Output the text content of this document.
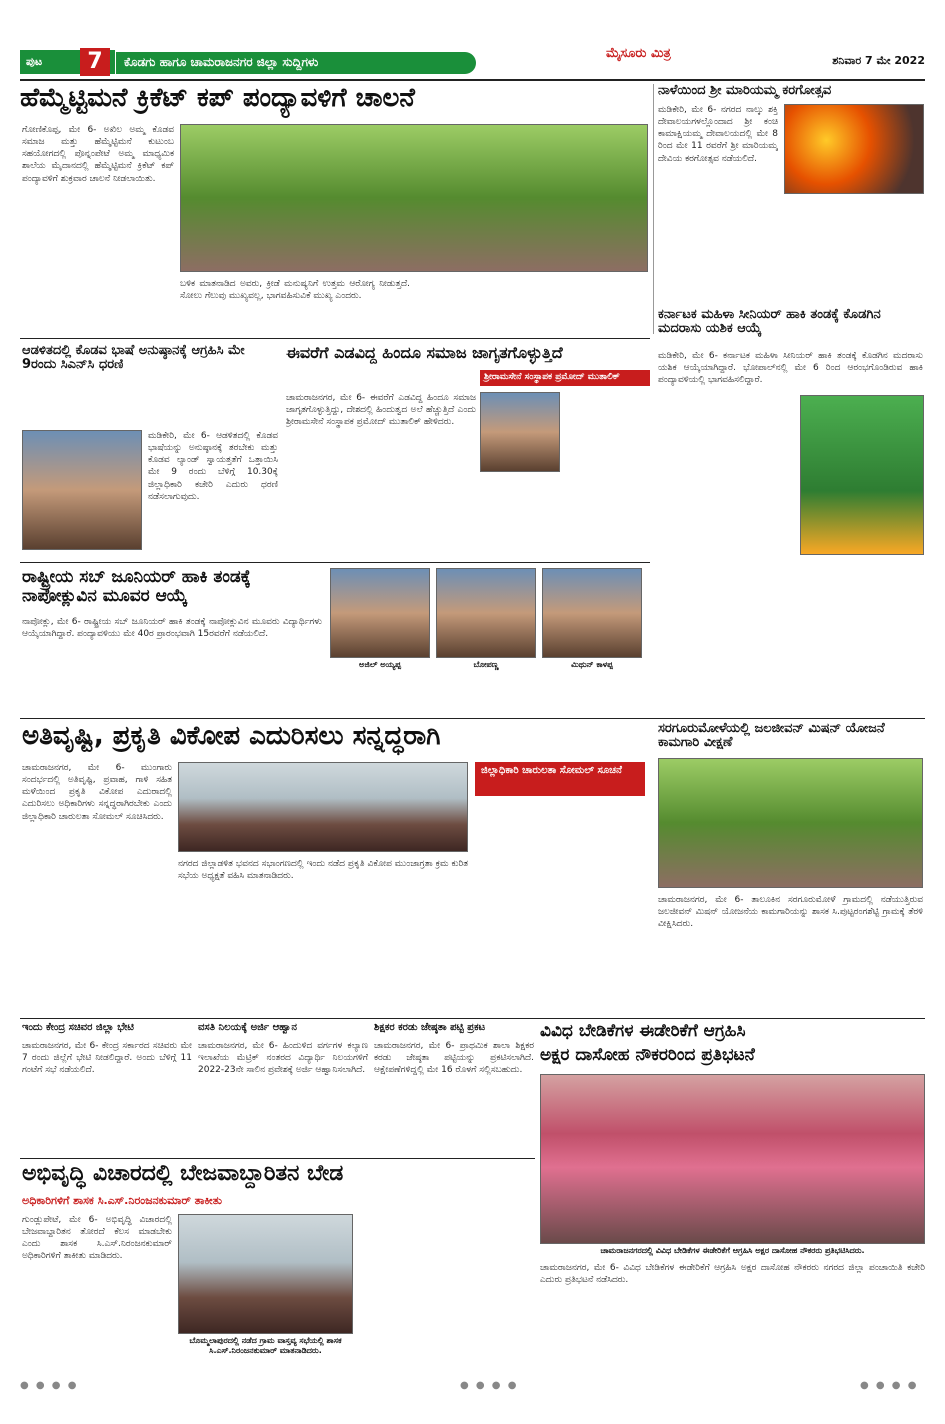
ಪುಟ	7	ಕೊಡಗು ಹಾಗೂ ಚಾಮರಾಜನಗರ ಜಿಲ್ಲಾ ಸುದ್ದಿಗಳು
ಮೈಸೂರು ಮಿತ್ರ	ಶನಿವಾರ 7 ಮೇ 2022
ಹೆಮ್ಮೆಟ್ಟಿಮನೆ ಕ್ರಿಕೆಟ್ ಕಪ್ ಪಂದ್ಯಾವಳಿಗೆ ಚಾಲನೆ
ಗೋಣಿಕೊಪ್ಪ, ಮೇ 6- ಅಖಿಲ ಅಮ್ಮ ಕೊಡವ ಸಮಾಜ ಮತ್ತು ಹೆಮ್ಮೆಟ್ಟಿಮನೆ ಕುಟುಂಬ ಸಹಯೋಗದಲ್ಲಿ ಪೊನ್ನಂಪೇಟೆ ಅಮ್ಮ ಮಾಧ್ಯಮಿಕ ಶಾಲೆಯ ಮೈದಾನದಲ್ಲಿ ಹೆಮ್ಮೆಟ್ಟಿಮನೆ ಕ್ರಿಕೆಟ್ ಕಪ್ ಪಂದ್ಯಾವಳಿಗೆ ಶುಕ್ರವಾರ ಚಾಲನೆ ನೀಡಲಾಯಿತು.
ಬಳಿಕ ಮಾತನಾಡಿದ ಅವರು, ಕ್ರೀಡೆ ಮನುಷ್ಯನಿಗೆ ಉತ್ತಮ ಆರೋಗ್ಯ ನೀಡುತ್ತದೆ. ಸೋಲು ಗೆಲುವು ಮುಖ್ಯವಲ್ಲ, ಭಾಗವಹಿಸುವಿಕೆ ಮುಖ್ಯ ಎಂದರು.
ನಾಳೆಯಿಂದ ಶ್ರೀ ಮಾರಿಯಮ್ಮ ಕರಗೋತ್ಸವ
ಮಡಿಕೇರಿ, ಮೇ 6- ನಗರದ ನಾಲ್ಕು ಶಕ್ತಿ ದೇವಾಲಯಗಳಲ್ಲೊಂದಾದ ಶ್ರೀ ಕಂಚಿ ಕಾಮಾಕ್ಷಿಯಮ್ಮ ದೇವಾಲಯದಲ್ಲಿ ಮೇ 8 ರಿಂದ ಮೇ 11 ರವರೆಗೆ ಶ್ರೀ ಮಾರಿಯಮ್ಮ ದೇವಿಯ ಕರಗೋತ್ಸವ ನಡೆಯಲಿದೆ.
ಕರ್ನಾಟಕ ಮಹಿಳಾ ಸೀನಿಯರ್ ಹಾಕಿ ತಂಡಕ್ಕೆ ಕೊಡಗಿನ ಮದರಾಸು ಯಶಿಕ ಆಯ್ಕೆ
ಮಡಿಕೇರಿ, ಮೇ 6- ಕರ್ನಾಟಕ ಮಹಿಳಾ ಸೀನಿಯರ್ ಹಾಕಿ ತಂಡಕ್ಕೆ ಕೊಡಗಿನ ಮದರಾಸು ಯಶಿಕ ಆಯ್ಕೆಯಾಗಿದ್ದಾರೆ. ಭೋಪಾಲ್‌ನಲ್ಲಿ ಮೇ 6 ರಿಂದ ಆರಂಭಗೊಂಡಿರುವ ಹಾಕಿ ಪಂದ್ಯಾವಳಿಯಲ್ಲಿ ಭಾಗವಹಿಸಲಿದ್ದಾರೆ.
ಆಡಳಿತದಲ್ಲಿ ಕೊಡವ ಭಾಷೆ ಅನುಷ್ಠಾನಕ್ಕೆ ಆಗ್ರಹಿಸಿ ಮೇ 9ರಂದು ಸಿಎನ್‌ಸಿ ಧರಣಿ
ಮಡಿಕೇರಿ, ಮೇ 6- ಆಡಳಿತದಲ್ಲಿ ಕೊಡವ ಭಾಷೆಯನ್ನು ಅನುಷ್ಠಾನಕ್ಕೆ ತರಬೇಕು ಮತ್ತು ಕೊಡವ ಲ್ಯಾಂಡ್ ಸ್ವಾಯತ್ತತೆಗೆ ಒತ್ತಾಯಿಸಿ ಮೇ 9 ರಂದು ಬೆಳಿಗ್ಗೆ 10.30ಕ್ಕೆ ಜಿಲ್ಲಾಧಿಕಾರಿ ಕಚೇರಿ ಎದುರು ಧರಣಿ ನಡೆಸಲಾಗುವುದು.
ಈವರೆಗೆ ಎಡವಿದ್ದ ಹಿಂದೂ ಸಮಾಜ ಜಾಗೃತಗೊಳ್ಳುತ್ತಿದೆ
ಶ್ರೀರಾಮಸೇನೆ ಸಂಸ್ಥಾಪಕ ಪ್ರಮೋದ್ ಮುತಾಲಿಕ್
ಚಾಮರಾಜನಗರ, ಮೇ 6- ಈವರೆಗೆ ಎಡವಿದ್ದ ಹಿಂದೂ ಸಮಾಜ ಜಾಗೃತಗೊಳ್ಳುತ್ತಿದ್ದು, ದೇಶದಲ್ಲಿ ಹಿಂದುತ್ವದ ಅಲೆ ಹೆಚ್ಚುತ್ತಿದೆ ಎಂದು ಶ್ರೀರಾಮಸೇನೆ ಸಂಸ್ಥಾಪಕ ಪ್ರಮೋದ್ ಮುತಾಲಿಕ್ ಹೇಳಿದರು.
ರಾಷ್ಟ್ರೀಯ ಸಬ್ ಜೂನಿಯರ್ ಹಾಕಿ ತಂಡಕ್ಕೆ ನಾಪೋಕ್ಲುವಿನ ಮೂವರ ಆಯ್ಕೆ
ನಾಪೋಕ್ಲು, ಮೇ 6- ರಾಷ್ಟ್ರೀಯ ಸಬ್ ಜೂನಿಯರ್ ಹಾಕಿ ತಂಡಕ್ಕೆ ನಾಪೋಕ್ಲುವಿನ ಮೂವರು ವಿದ್ಯಾರ್ಥಿಗಳು ಆಯ್ಕೆಯಾಗಿದ್ದಾರೆ. ಪಂದ್ಯಾವಳಿಯು ಮೇ 40ರ ಪ್ರಾರಂಭವಾಗಿ 15ರವರೆಗೆ ನಡೆಯಲಿದೆ.
ಅಜಿಲ್ ಅಯ್ಯಪ್ಪ	ಬೋಪಣ್ಣ	ಮಿಥುನ್ ಕಾಳಪ್ಪ
ಅತಿವೃಷ್ಟಿ, ಪ್ರಕೃತಿ ವಿಕೋಪ ಎದುರಿಸಲು ಸನ್ನದ್ಧರಾಗಿ
ಚಾಮರಾಜನಗರ, ಮೇ 6- ಮುಂಗಾರು ಸಂದರ್ಭದಲ್ಲಿ ಅತಿವೃಷ್ಟಿ, ಪ್ರವಾಹ, ಗಾಳಿ ಸಹಿತ ಮಳೆಯಿಂದ ಪ್ರಕೃತಿ ವಿಕೋಪ ಎದುರಾದಲ್ಲಿ ಎದುರಿಸಲು ಅಧಿಕಾರಿಗಳು ಸನ್ನದ್ಧರಾಗಿರಬೇಕು ಎಂದು ಜಿಲ್ಲಾಧಿಕಾರಿ ಚಾರುಲತಾ ಸೋಮಲ್ ಸೂಚಿಸಿದರು.
ಜಿಲ್ಲಾಧಿಕಾರಿ ಚಾರುಲತಾ ಸೋಮಲ್ ಸೂಚನೆ
ನಗರದ ಜಿಲ್ಲಾಡಳಿತ ಭವನದ ಸಭಾಂಗಣದಲ್ಲಿ ಇಂದು ನಡೆದ ಪ್ರಕೃತಿ ವಿಕೋಪ ಮುಂಜಾಗ್ರತಾ ಕ್ರಮ ಕುರಿತ ಸಭೆಯ ಅಧ್ಯಕ್ಷತೆ ವಹಿಸಿ ಮಾತನಾಡಿದರು.
ಸರಗೂರುಮೋಳೆಯಲ್ಲಿ ಜಲಜೀವನ್ ಮಿಷನ್ ಯೋಜನೆ ಕಾಮಗಾರಿ ವೀಕ್ಷಣೆ
ಚಾಮರಾಜನಗರ, ಮೇ 6- ತಾಲೂಕಿನ ಸರಗೂರುಮೋಳೆ ಗ್ರಾಮದಲ್ಲಿ ನಡೆಯುತ್ತಿರುವ ಜಲಜೀವನ್ ಮಿಷನ್ ಯೋಜನೆಯ ಕಾಮಗಾರಿಯನ್ನು ಶಾಸಕ ಸಿ.ಪುಟ್ಟರಂಗಶೆಟ್ಟಿ ಗ್ರಾಮಕ್ಕೆ ತೆರಳಿ ವೀಕ್ಷಿಸಿದರು.
ಇಂದು ಕೇಂದ್ರ ಸಚಿವರ ಜಿಲ್ಲಾ ಭೇಟಿ
ಚಾಮರಾಜನಗರ, ಮೇ 6- ಕೇಂದ್ರ ಸರ್ಕಾರದ ಸಚಿವರು ಮೇ 7 ರಂದು ಜಿಲ್ಲೆಗೆ ಭೇಟಿ ನೀಡಲಿದ್ದಾರೆ. ಅಂದು ಬೆಳಿಗ್ಗೆ 11 ಗಂಟೆಗೆ ಸಭೆ ನಡೆಯಲಿದೆ.
ವಸತಿ ನಿಲಯಕ್ಕೆ ಅರ್ಜಿ ಆಹ್ವಾನ
ಚಾಮರಾಜನಗರ, ಮೇ 6- ಹಿಂದುಳಿದ ವರ್ಗಗಳ ಕಲ್ಯಾಣ ಇಲಾಖೆಯ ಮೆಟ್ರಿಕ್ ನಂತರದ ವಿದ್ಯಾರ್ಥಿ ನಿಲಯಗಳಿಗೆ 2022-23ನೇ ಸಾಲಿನ ಪ್ರವೇಶಕ್ಕೆ ಅರ್ಜಿ ಆಹ್ವಾನಿಸಲಾಗಿದೆ.
ಶಿಕ್ಷಕರ ಕರಡು ಜೇಷ್ಠತಾ ಪಟ್ಟಿ ಪ್ರಕಟ
ಚಾಮರಾಜನಗರ, ಮೇ 6- ಪ್ರಾಥಮಿಕ ಶಾಲಾ ಶಿಕ್ಷಕರ ಕರಡು ಜೇಷ್ಠತಾ ಪಟ್ಟಿಯನ್ನು ಪ್ರಕಟಿಸಲಾಗಿದೆ. ಆಕ್ಷೇಪಣೆಗಳಿದ್ದಲ್ಲಿ ಮೇ 16 ರೊಳಗೆ ಸಲ್ಲಿಸಬಹುದು.
ವಿವಿಧ ಬೇಡಿಕೆಗಳ ಈಡೇರಿಕೆಗೆ ಆಗ್ರಹಿಸಿ
ಅಕ್ಷರ ದಾಸೋಹ ನೌಕರರಿಂದ ಪ್ರತಿಭಟನೆ
ಚಾಮರಾಜನಗರದಲ್ಲಿ ವಿವಿಧ ಬೇಡಿಕೆಗಳ ಈಡೇರಿಕೆಗೆ ಆಗ್ರಹಿಸಿ ಅಕ್ಷರ ದಾಸೋಹ ನೌಕರರು ಪ್ರತಿಭಟಿಸಿದರು.
ಚಾಮರಾಜನಗರ, ಮೇ 6- ವಿವಿಧ ಬೇಡಿಕೆಗಳ ಈಡೇರಿಕೆಗೆ ಆಗ್ರಹಿಸಿ ಅಕ್ಷರ ದಾಸೋಹ ನೌಕರರು ನಗರದ ಜಿಲ್ಲಾ ಪಂಚಾಯಿತಿ ಕಚೇರಿ ಎದುರು ಪ್ರತಿಭಟನೆ ನಡೆಸಿದರು.
ಅಭಿವೃದ್ಧಿ ವಿಚಾರದಲ್ಲಿ ಬೇಜವಾಬ್ದಾರಿತನ ಬೇಡ
ಅಧಿಕಾರಿಗಳಿಗೆ ಶಾಸಕ ಸಿ.ಎಸ್.ನಿರಂಜನಕುಮಾರ್ ತಾಕೀತು
ಗುಂಡ್ಲುಪೇಟೆ, ಮೇ 6- ಅಭಿವೃದ್ಧಿ ವಿಚಾರದಲ್ಲಿ ಬೇಜವಾಬ್ದಾರಿತನ ತೋರದೆ ಕೆಲಸ ಮಾಡಬೇಕು ಎಂದು ಶಾಸಕ ಸಿ.ಎಸ್.ನಿರಂಜನಕುಮಾರ್ ಅಧಿಕಾರಿಗಳಿಗೆ ತಾಕೀತು ಮಾಡಿದರು.
ಬೊಮ್ಮಲಾಪುರದಲ್ಲಿ ನಡೆದ ಗ್ರಾಮ ವಾಸ್ತವ್ಯ ಸಭೆಯಲ್ಲಿ ಶಾಸಕ ಸಿ.ಎಸ್.ನಿರಂಜನಕುಮಾರ್ ಮಾತನಾಡಿದರು.
● ● ● ●	● ● ● ●	● ● ● ●
